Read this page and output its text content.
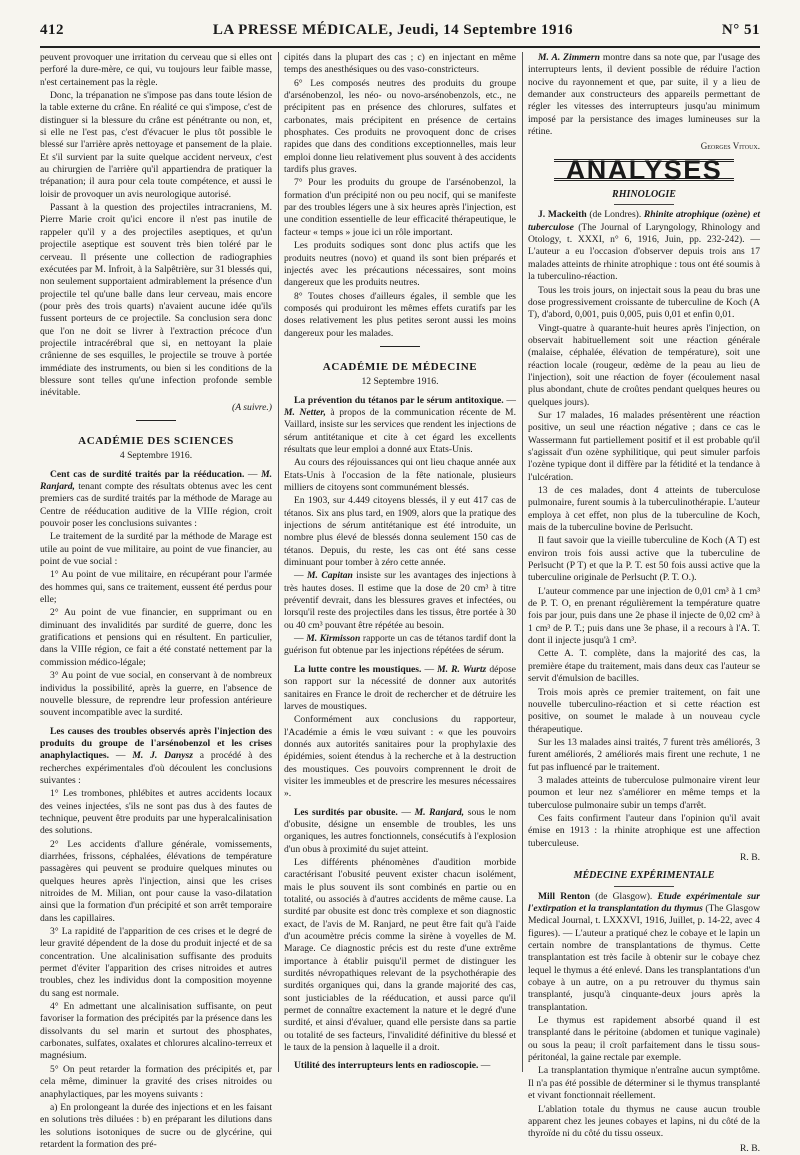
412	LA PRESSE MÉDICALE, Jeudi, 14 Septembre 1916	N° 51

peuvent provoquer une irritation du cerveau que si elles ont perforé la dure-mère, ce qui, vu toujours leur faible masse, n'est certainement pas la règle.

Donc, la trépanation ne s'impose pas dans toute lésion de la table externe du crâne. En réalité ce qui s'impose, c'est de distinguer si la blessure du crâne est pénétrante ou non, et, si elle ne l'est pas, c'est d'évacuer le plus tôt possible le blessé sur l'arrière après nettoyage et pansement de la plaie. Et s'il survient par la suite quelque accident nerveux, c'est au chirurgien de l'arrière qu'il appartiendra de pratiquer la trépanation; il aura pour cela toute compétence, et aussi le loisir de provoquer un avis neurologique autorisé.

Passant à la question des projectiles intracraniens, M. Pierre Marie croit qu'ici encore il n'est pas inutile de rappeler qu'il y a des projectiles aseptiques, et qu'un projectile aseptique est souvent très bien toléré par le cerveau. Il présente une collection de radiographies exécutées par M. Infroit, à la Salpêtrière, sur 31 blessés qui, non seulement supportaient admirablement la présence d'un projectile tel qu'une balle dans leur cerveau, mais encore (pour près des trois quarts) n'avaient aucune idée qu'ils fussent porteurs de ce projectile. Sa conclusion sera donc que l'on ne doit se livrer à l'extraction précoce d'un projectile intracérébral que si, en nettoyant la plaie crânienne de ses esquilles, le projectile se trouve à portée immédiate des instruments, ou bien si les conditions de la blessure sont telles qu'une infection profonde semble inévitable.

(A suivre.)
ACADÉMIE DES SCIENCES
4 Septembre 1916.

Cent cas de surdité traités par la rééducation. — M. Ranjard, tenant compte des résultats obtenus avec les cent premiers cas de surdité traités par la méthode de Marage au Centre de rééducation auditive de la VIIIe région, croit pouvoir poser les conclusions suivantes :

Le traitement de la surdité par la méthode de Marage est utile au point de vue militaire, au point de vue financier, au point de vue social :

1° Au point de vue militaire, en récupérant pour l'armée des hommes qui, sans ce traitement, eussent été perdus pour elle;

2° Au point de vue financier, en supprimant ou en diminuant des invalidités par surdité de guerre, donc les gratifications et pensions qui en résultent. En particulier, dans la VIIIe région, ce fait a été constaté nettement par la commission médico-légale;

3° Au point de vue social, en conservant à de nombreux individus la possibilité, après la guerre, en l'absence de nouvelle blessure, de reprendre leur profession antérieure souvent incompatible avec la surdité.

Les causes des troubles observés après l'injection des produits du groupe de l'arsénobenzol et les crises anaphylactiques. — M. J. Danysz a procédé à des recherches expérimentales d'où découlent les conclusions suivantes :

1° Les trombones, phlébites et autres accidents locaux des veines injectées, s'ils ne sont pas dus à des fautes de technique, peuvent être produits par une hyperalcalinisation des solutions.

2° Les accidents d'allure générale, vomissements, diarrhées, frissons, céphalées, élévations de température passagères qui peuvent se produire quelques minutes ou quelques heures après l'injection, ainsi que les crises nitroides de M. Milian, ont pour cause la vaso-dilatation ainsi que la formation d'un précipité et son arrêt temporaire dans les capillaires.

3° La rapidité de l'apparition de ces crises et le degré de leur gravité dépendent de la dose du produit injecté et de sa concentration. Une alcalinisation suffisante des produits permet d'éviter l'apparition des crises nitroides et autres troubles, chez les individus dont la composition moyenne du sang est normale.

4° En admettant une alcalinisation suffisante, on peut favoriser la formation des précipités par la présence dans les dissolvants du sel marin et surtout des phosphates, carbonates, sulfates, oxalates et chlorures alcalino-terreux et magnésium.

5° On peut retarder la formation des précipités et, par cela même, diminuer la gravité des crises nitroides ou anaphylactiques, par les moyens suivants :

a) En prolongeant la durée des injections et en les faisant en solutions très diluées : b) en préparant les dilutions dans les solutions isotoniques de sucre ou de glycérine, qui retardent la formation des pré-

cipités dans la plupart des cas ; c) en injectant en même temps des anesthésiques ou des vaso-constricteurs.

6° Les composés neutres des produits du groupe d'arsénobenzol, les néo- ou novo-arsénobenzols, etc., ne précipitent pas en présence des chlorures, sulfates et carbonates, mais précipitent en présence de certains phosphates. Ces produits ne provoquent donc de crises rapides que dans des conditions exceptionnelles, mais leur emploi donne lieu relativement plus souvent à des accidents tardifs plus graves.

7° Pour les produits du groupe de l'arsénobenzol, la formation d'un précipité non ou peu nocif, qui se manifeste par des troubles légers une à six heures après l'injection, est une condition essentielle de leur efficacité thérapeutique, le facteur « temps » joue ici un rôle important.

Les produits sodiques sont donc plus actifs que les produits neutres (novo) et quand ils sont bien préparés et injectés avec les précautions nécessaires, sont moins dangereux que les produits neutres.

8° Toutes choses d'ailleurs égales, il semble que les composés qui produiront les mêmes effets curatifs par les doses relativement les plus petites seront aussi les moins dangereux pour les malades.

ACADÉMIE DE MÉDECINE
12 Septembre 1916.

La prévention du tétanos par le sérum antitoxique. — M. Netter, à propos de la communication récente de M. Vaillard, insiste sur les services que rendent les injections de sérum antitétanique et cite à cet égard les excellents résultats que leur emploi a donné aux Etats-Unis.

Au cours des réjouissances qui ont lieu chaque année aux Etats-Unis à l'occasion de la fête nationale, plusieurs milliers de citoyens sont communément blessés.

En 1903, sur 4.449 citoyens blessés, il y eut 417 cas de tétanos. Six ans plus tard, en 1909, alors que la pratique des injections de sérum antitétanique est été introduite, un nombre plus élevé de blessés donna seulement 150 cas de tétanos. Depuis, du reste, les cas ont été sans cesse diminuant pour tomber à zéro cette année.

— M. Capitan insiste sur les avantages des injections à très hautes doses. Il estime que la dose de 20 cm³ à titre préventif devrait, dans les blessures graves et infectées, ou lorsqu'il reste des projectiles dans les tissus, être portée à 30 ou 40 cm³ pouvant être répétée au besoin.

— M. Kirmisson rapporte un cas de tétanos tardif dont la guérison fut obtenue par les injections répétées de sérum.

La lutte contre les moustiques. — M. R. Wurtz dépose son rapport sur la nécessité de donner aux autorités sanitaires en France le droit de rechercher et de détruire les larves de moustiques.

Conformément aux conclusions du rapporteur, l'Académie a émis le vœu suivant : « que les pouvoirs donnés aux autorités sanitaires pour la prophylaxie des épidémies, soient étendus à la recherche et à la destruction des moustiques. Ces pouvoirs comprennent le droit de visiter les immeubles et de prescrire les mesures nécessaires ».

Les surdités par obusite. — M. Ranjard, sous le nom d'obusite, désigne un ensemble de troubles, les uns organiques, les autres fonctionnels, consécutifs à l'explosion d'un obus à proximité du sujet atteint.

Les différents phénomènes d'audition morbide caractérisant l'obusité peuvent exister chacun isolément, mais le plus souvent ils sont combinés en partie ou en totalité, ou associés à d'autres accidents de même cause. La surdité par obusite est donc très complexe et son diagnostic exact, de l'avis de M. Ranjard, ne peut être fait qu'à l'aide d'un acoumètre précis comme la sirène à voyelles de M. Marage. Ce diagnostic précis est du reste d'une extrême importance à établir puisqu'il permet de distinguer les surdités névropathiques relevant de la psychothérapie des surdités organiques qui, dans la grande majorité des cas, sont justiciables de la rééducation, et aussi parce qu'il permet de connaître exactement la nature et le degré d'une surdité, et ainsi d'évaluer, quand elle persiste dans sa partie ou totalité de ses facteurs, l'invalidité définitive du blessé et le taux de la pension à laquelle il a droit.

Utilité des interrupteurs lents en radioscopie. —

M. A. Zimmern montre dans sa note que, par l'usage des interrupteurs lents, il devient possible de réduire l'action nocive du rayonnement et que, par suite, il y a lieu de demander aux constructeurs des appareils permettant de régler les vitesses des interrupteurs jusqu'au minimum imposé par la persistance des images lumineuses sur la rétine.

Georges Vitoux.
ANALYSES
RHINOLOGIE

J. Mackeith (de Londres). Rhinite atrophique (ozène) et tuberculose (The Journal of Laryngology, Rhinology and Otology, t. XXXI, n° 6, 1916, Juin, pp. 232-242). — L'auteur a eu l'occasion d'observer depuis trois ans 17 malades atteints de rhinite atrophique : tous ont été soumis à la tuberculino-réaction.

Tous les trois jours, on injectait sous la peau du bras une dose progressivement croissante de tuberculine de Koch (A T), d'abord, 0,001, puis 0,005, puis 0,01 et enfin 0,01.

Vingt-quatre à quarante-huit heures après l'injection, on observait habituellement soit une réaction générale (malaise, céphalée, élévation de température), soit une réaction locale (rougeur, œdème de la peau au lieu de l'injection), soit une réaction de foyer (écoulement nasal plus abondant, chute de croûtes pendant quelques heures ou quelques jours).

Sur 17 malades, 16 malades présentèrent une réaction positive, un seul une réaction négative ; dans ce cas le Wassermann fut partiellement positif et il est probable qu'il s'agissait d'un ozène syphilitique, qui peut simuler parfois l'ozène typique dont il diffère par la fétidité et la tendance à l'ulcération.

13 de ces malades, dont 4 atteints de tuberculose pulmonaire, furent soumis à la tuberculinothérapie. L'auteur employa à cet effet, non plus de la tuberculine de Koch, mais de la tuberculine bovine de Perlsucht.

Il faut savoir que la vieille tuberculine de Koch (A T) est environ trois fois aussi active que la tuberculine de Perlsucht (P T) et que la P. T. est 50 fois aussi active que la tuberculine originale de Perlsucht (P. T. O.).

L'auteur commence par une injection de 0,01 cm³ à 1 cm³ de P. T. O, en prenant régulièrement la température quatre fois par jour, puis dans une 2e phase il injecte de 0,02 cm³ à 1 cm³ de P. T.; puis dans une 3e phase, il a recours à l'A. T. dont il injecte jusqu'à 1 cm³.

Cette A. T. complète, dans la majorité des cas, la première étape du traitement, mais dans deux cas l'auteur se servit d'émulsion de bacilles.

Trois mois après ce premier traitement, on fait une nouvelle tuberculino-réaction et si cette réaction est positive, on soumet le malade à un nouveau cycle thérapeutique.

Sur les 13 malades ainsi traités, 7 furent très améliorés, 3 furent améliorés, 2 améliorés mais firent une rechute, 1 ne fut pas influencé par le traitement.

3 malades atteints de tuberculose pulmonaire virent leur poumon et leur nez s'améliorer en même temps et la tuberculose pulmonaire subir un temps d'arrêt.

Ces faits confirment l'auteur dans l'opinion qu'il avait émise en 1913 : la rhinite atrophique est une affection tuberculeuse.

R. B.
MÉDECINE EXPÉRIMENTALE

Mill Renton (de Glasgow). Etude expérimentale sur l'extirpation et la transplantation du thymus (The Glasgow Medical Journal, t. LXXXVI, 1916, Juillet, p. 14-22, avec 4 figures). — L'auteur a pratiqué chez le cobaye et le lapin un certain nombre de transplantations de thymus. Cette transplantation est très facile à obtenir sur le cobaye chez lequel le thymus a été enlevé. Dans les transplantations d'un cobaye à un autre, on a pu retrouver du thymus sain transplanté, jusqu'à cinquante-deux jours après la transplantation.

Le thymus est rapidement absorbé quand il est transplanté dans le péritoine (abdomen et tunique vaginale) ou sous la peau; il croît parfaitement dans le tissu sous-péritonéal, la gaine rectale par exemple.

La transplantation thymique n'entraîne aucun symptôme. Il n'a pas été possible de déterminer si le thymus transplanté et vivant fonctionnait réellement.

L'ablation totale du thymus ne cause aucun trouble apparent chez les jeunes cobayes et lapins, ni du côté de la thyroïde ni du côté du tissu osseux.

R. B.
